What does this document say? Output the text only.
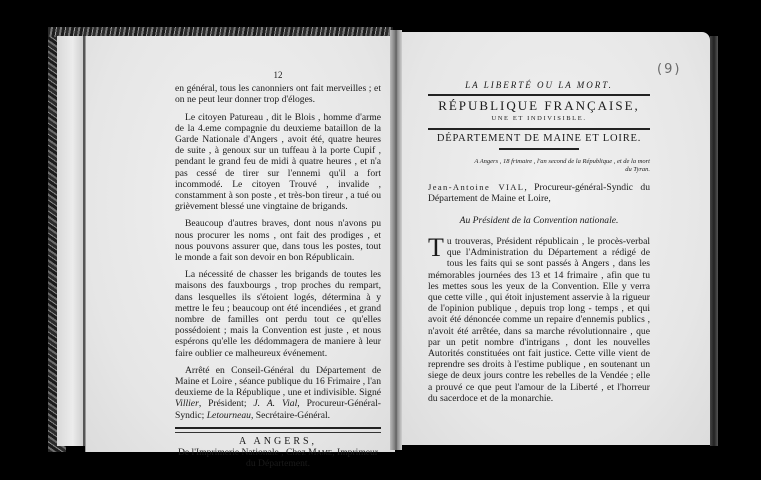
12

en général, tous les canonniers ont fait merveilles ; et on ne peut leur donner trop d'éloges.

Le citoyen Patureau , dit le Blois , homme d'arme de la 4.eme compagnie du deuxieme bataillon de la Garde Nationale d'Angers , avoit été, quatre heures de suite , à genoux sur un tuffeau à la porte Cupif , pendant le grand feu de midi à quatre heures , et n'a pas cessé de tirer sur l'ennemi qu'il a fort incommodé. Le citoyen Trouvé , invalide , constamment à son poste , et très-bon tireur , a tué ou grièvement blessé une vingtaine de brigands.

Beaucoup d'autres braves, dont nous n'avons pu nous procurer les noms , ont fait des prodiges , et nous pouvons assurer que, dans tous les postes, tout le monde a fait son devoir en bon Républicain.

La nécessité de chasser les brigands de toutes les maisons des fauxbourgs , trop proches du rempart, dans lesquelles ils s'étoient logés, détermina à y mettre le feu ; beaucoup ont été incendiées , et grand nombre de familles ont perdu tout ce qu'elles possédoient ; mais la Convention est juste , et nous espérons qu'elle les dédommagera de maniere à leur faire oublier ce malheureux événement.

Arrêté en Conseil-Général du Département de Maine et Loire , séance publique du 16 Frimaire , l'an deuxieme de la République , une et indivisible. Signé Villier, Président; J. A. Vial, Procureur-Général-Syndic; Letourneau, Secrétaire-Général.

A ANGERS,
De l'Imprimerie Nationale , Chez Mame, Imprimeur
du Département.
(9)
LA LIBERTÉ OU LA MORT.
RÉPUBLIQUE FRANÇAISE,
UNE ET INDIVISIBLE.
DÉPARTEMENT DE MAINE ET LOIRE.
A Angers , 18 frimaire , l'an second de la République , et de la mort du Tyran.

Jean-Antoine VIAL, Procureur-général-Syndic du Département de Maine et Loire,

Au Président de la Convention nationale.

Tu trouveras, Président républicain , le procès-verbal que l'Administration du Département a rédigé de tous les faits qui se sont passés à Angers , dans les mémorables journées des 13 et 14 frimaire , afin que tu les mettes sous les yeux de la Convention. Elle y verra que cette ville , qui étoit injustement asservie à la rigueur de l'opinion publique , depuis trop long - temps , et qui avoit été dénoncée comme un repaire d'ennemis publics , n'avoit été arrêtée, dans sa marche révolutionnaire , que par un petit nombre d'intrigans , dont les nouvelles Autorités constituées ont fait justice. Cette ville vient de reprendre ses droits à l'estime publique , en soutenant un siege de deux jours contre les rebelles de la Vendée ; elle a prouvé ce que peut l'amour de la Liberté , et l'horreur du sacerdoce et de la monarchie.
